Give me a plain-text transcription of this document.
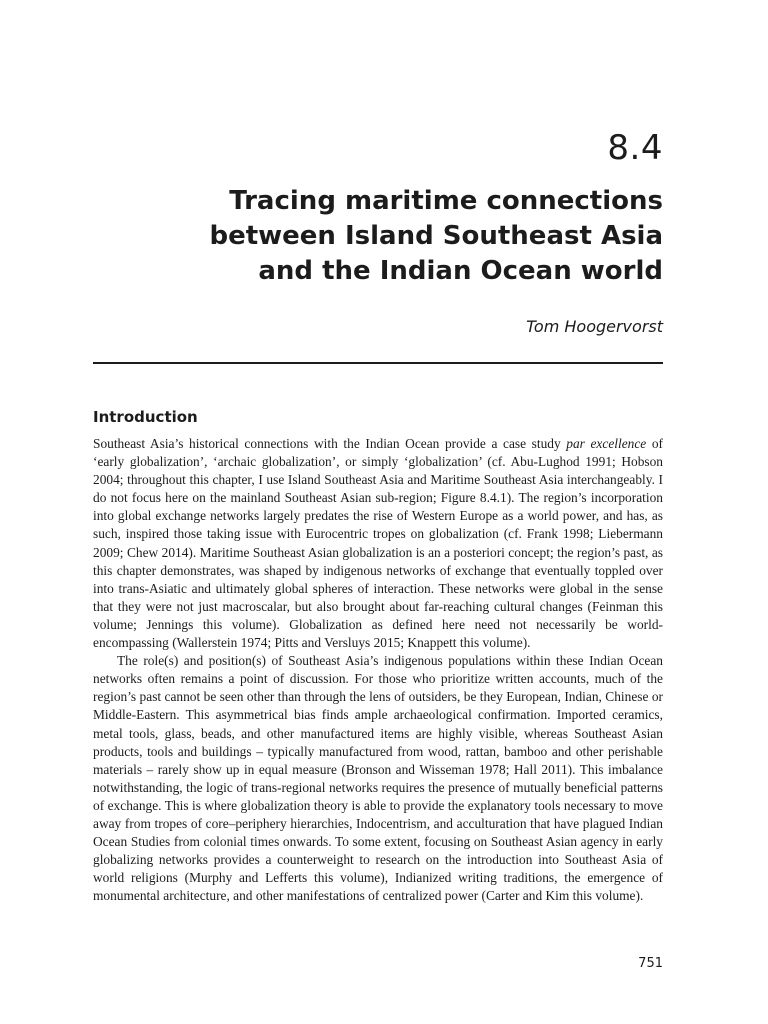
8.4
Tracing maritime connections
between Island Southeast Asia
and the Indian Ocean world
Tom Hoogervorst
Introduction

Southeast Asia’s historical connections with the Indian Ocean provide a case study par excellence of ‘early globalization’, ‘archaic globalization’, or simply ‘globalization’ (cf. Abu-Lughod 1991; Hobson 2004; throughout this chapter, I use Island Southeast Asia and Maritime Southeast Asia interchangeably. I do not focus here on the mainland Southeast Asian sub-region; Figure 8.4.1). The region’s incorporation into global exchange networks largely predates the rise of Western Europe as a world power, and has, as such, inspired those taking issue with Eurocentric tropes on globalization (cf. Frank 1998; Liebermann 2009; Chew 2014). Maritime Southeast Asian globalization is an a posteriori concept; the region’s past, as this chapter demonstrates, was shaped by indigenous networks of exchange that eventually toppled over into trans-Asiatic and ultimately global spheres of interaction. These networks were global in the sense that they were not just macroscalar, but also brought about far-reaching cultural changes (Feinman this volume; Jennings this volume). Globalization as defined here need not necessarily be world-encompassing (Wallerstein 1974; Pitts and Versluys 2015; Knappett this volume).

The role(s) and position(s) of Southeast Asia’s indigenous populations within these Indian Ocean networks often remains a point of discussion. For those who prioritize written accounts, much of the region’s past cannot be seen other than through the lens of outsiders, be they European, Indian, Chinese or Middle-Eastern. This asymmetrical bias finds ample archaeological confirmation. Imported ceramics, metal tools, glass, beads, and other manufactured items are highly visible, whereas Southeast Asian products, tools and buildings – typically manufactured from wood, rattan, bamboo and other perishable materials – rarely show up in equal measure (Bronson and Wisseman 1978; Hall 2011). This imbalance notwithstanding, the logic of trans-regional networks requires the presence of mutually beneficial patterns of exchange. This is where globalization theory is able to provide the explanatory tools necessary to move away from tropes of core–periphery hierarchies, Indocentrism, and acculturation that have plagued Indian Ocean Studies from colonial times onwards. To some extent, focusing on Southeast Asian agency in early globalizing networks provides a counterweight to research on the introduction into Southeast Asia of world religions (Murphy and Lefferts this volume), Indianized writing traditions, the emergence of monumental architecture, and other manifestations of centralized power (Carter and Kim this volume).

751
